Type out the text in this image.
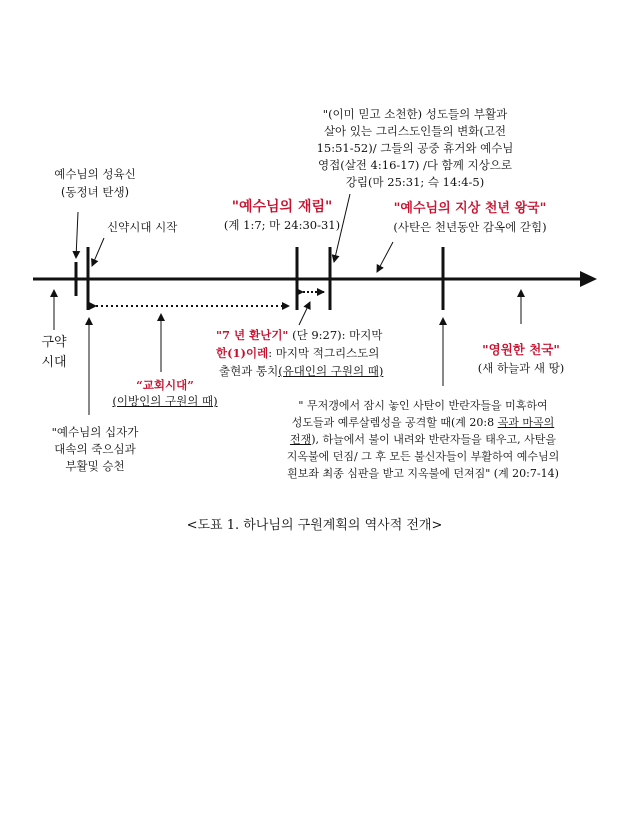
"(이미 믿고 소천한) 성도들의 부활과
살아 있는 그리스도인들의 변화(고전
15:51-52)/ 그들의 공중 휴거와 예수님
영접(살전 4:16-17) /다 함께 지상으로
강림(마 25:31; 슥 14:4-5)
예수님의 성육신
(동정녀 탄생)
신약시대 시작
"예수님의 재림"
(계 1:7; 마 24:30-31)
"예수님의 지상 천년 왕국"
(사탄은 천년동안 감옥에 갇힘)
구약
시대
"7 년 환난기" (단 9:27): 마지막
한(1)이레: 마지막 적그리스도의
출현과 통치(유대인의 구원의 때)
“교회시대”
(이방인의 구원의 때)
"영원한 천국"
(새 하늘과 새 땅)
"예수님의 십자가
대속의 죽으심과
부활및 승천
" 무저갱에서 잠시 놓인 사탄이 반란자들을 미혹하여
성도들과 예루살렘성을 공격할 때(계 20:8 곡과 마곡의
전쟁), 하늘에서 불이 내려와 반란자들을 태우고, 사탄을
지옥불에 던짐/ 그 후 모든 불신자들이 부활하여 예수님의
흰보좌 최종 심판을 받고 지옥불에 던져짐" (계 20:7-14)
<도표 1. 하나님의 구원계획의 역사적 전개>
